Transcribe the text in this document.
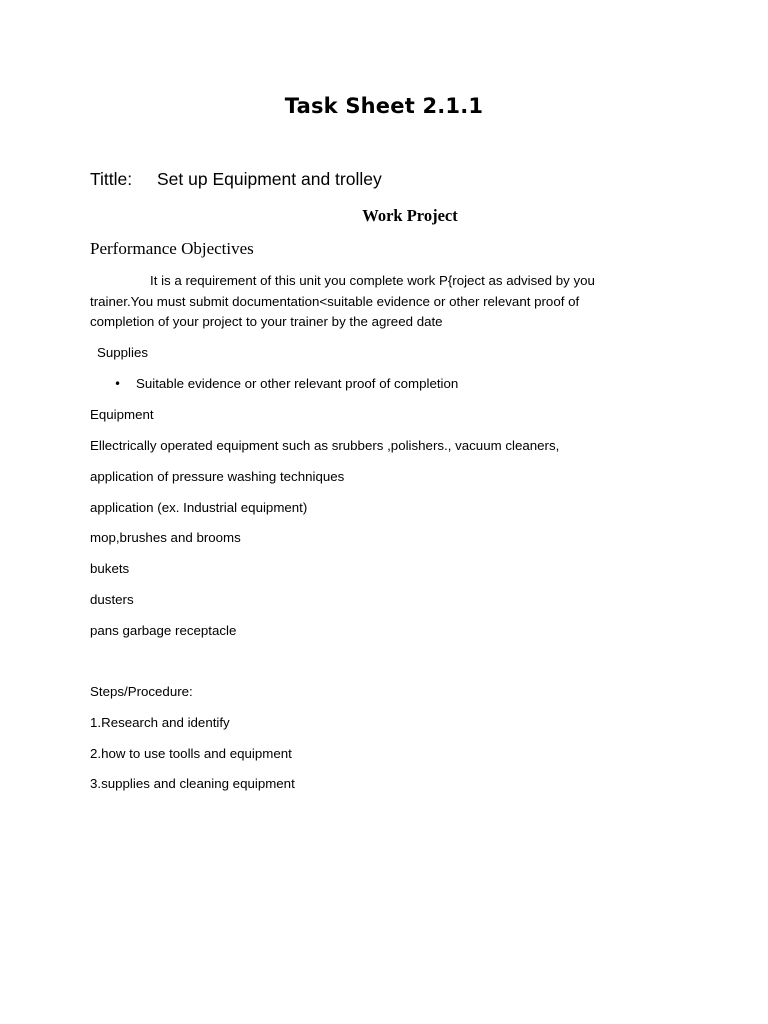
Task Sheet 2.1.1
Tittle: Set up Equipment and trolley
Work Project
Performance Objectives
It is a requirement of this unit you complete work P{roject as advised by you
trainer.You must submit documentation<suitable evidence or other relevant proof of
completion of your project to your trainer by the agreed date
Supplies
• Suitable evidence or other relevant proof of completion
Equipment
Ellectrically operated equipment such as srubbers ,polishers., vacuum cleaners,
application of pressure washing techniques
application (ex. Industrial equipment)
mop,brushes and brooms
bukets
dusters
pans garbage receptacle
Steps/Procedure:
1.Research and identify
2.how to use toolls and equipment
3.supplies and cleaning equipment
